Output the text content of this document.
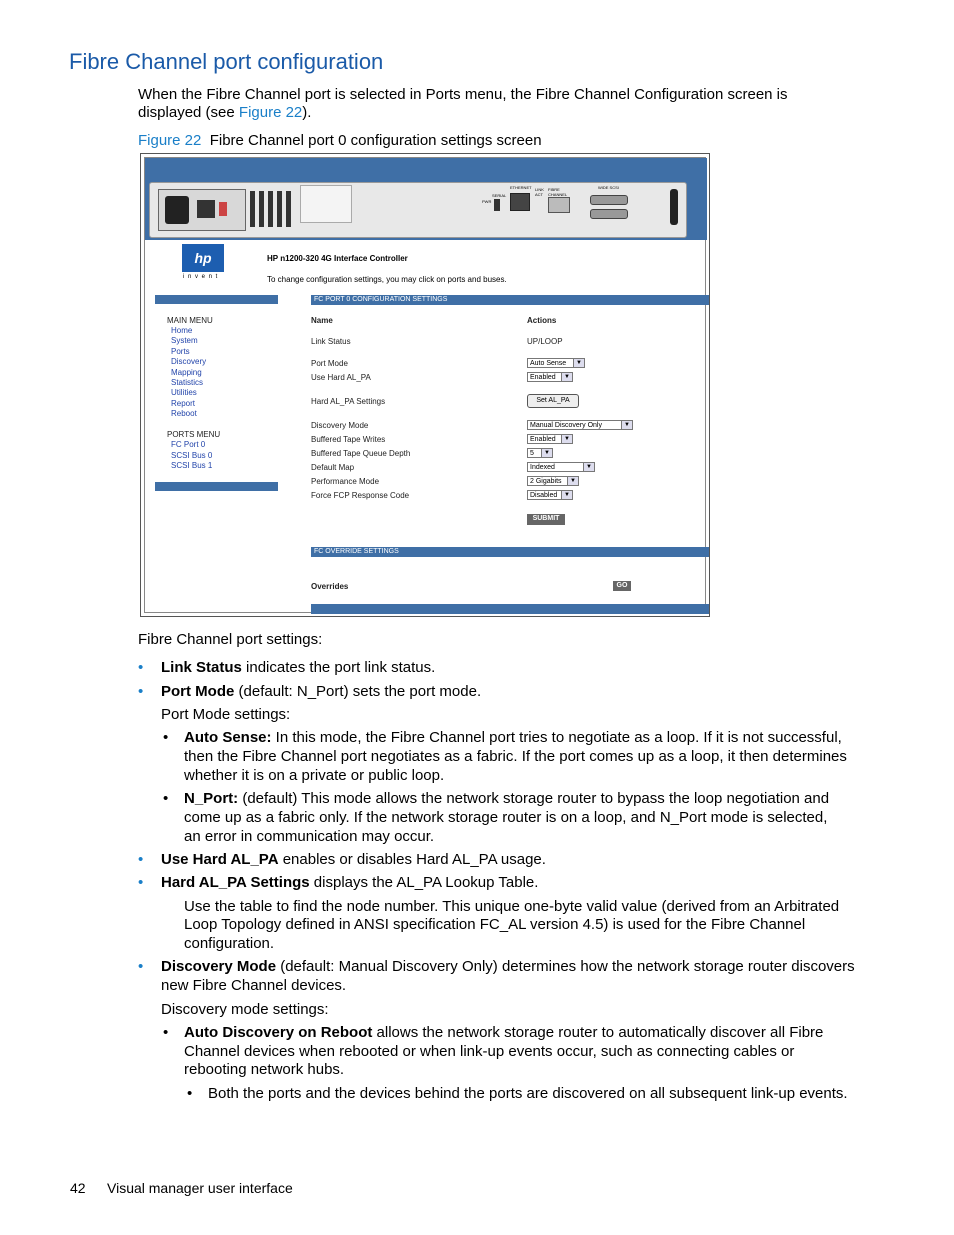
Fibre Channel port configuration
When the Fibre Channel port is selected in Ports menu, the Fibre Channel Configuration screen is
displayed (see Figure 22).
Figure 22 Fibre Channel port 0 configuration settings screen
PWR
SERIAL
ETHERNET LINK ACT
FIBRE CHANNEL
WIDE SCSI
hp
i n v e n t
HP n1200-320 4G Interface Controller
To change configuration settings, you may click on ports and buses.
MAIN MENU
Home
System
Ports
Discovery
Mapping
Statistics
Utilities
Report
Reboot
PORTS MENU
FC Port 0
SCSI Bus 0
SCSI Bus 1
FC PORT 0 CONFIGURATION SETTINGS
Name	Actions
Link Status	UP/LOOP
Port Mode	Auto Sense	▼
Use Hard AL_PA	Enabled	▼
Hard AL_PA Settings	Set AL_PA
Discovery Mode	Manual Discovery Only	▼
Buffered Tape Writes	Enabled	▼
Buffered Tape Queue Depth	5	▼
Default Map	Indexed	▼
Performance Mode	2 Gigabits	▼
Force FCP Response Code	Disabled	▼
SUBMIT
FC OVERRIDE SETTINGS
Overrides	GO
Fibre Channel port settings:
• Link Status indicates the port link status.
• Port Mode (default: N_Port) sets the port mode.
Port Mode settings:
• Auto Sense: In this mode, the Fibre Channel port tries to negotiate as a loop. If it is not successful,
then the Fibre Channel port negotiates as a fabric. If the port comes up as a loop, it then determines
whether it is on a private or public loop.
• N_Port: (default) This mode allows the network storage router to bypass the loop negotiation and
come up as a fabric only. If the network storage router is on a loop, and N_Port mode is selected,
an error in communication may occur.
• Use Hard AL_PA enables or disables Hard AL_PA usage.
• Hard AL_PA Settings displays the AL_PA Lookup Table.
Use the table to find the node number. This unique one-byte valid value (derived from an Arbitrated
Loop Topology defined in ANSI specification FC_AL version 4.5) is used for the Fibre Channel
configuration.
• Discovery Mode (default: Manual Discovery Only) determines how the network storage router discovers
new Fibre Channel devices.
Discovery mode settings:
• Auto Discovery on Reboot allows the network storage router to automatically discover all Fibre
Channel devices when rebooted or when link-up events occur, such as connecting cables or
rebooting network hubs.
• Both the ports and the devices behind the ports are discovered on all subsequent link-up events.
42 Visual manager user interface
